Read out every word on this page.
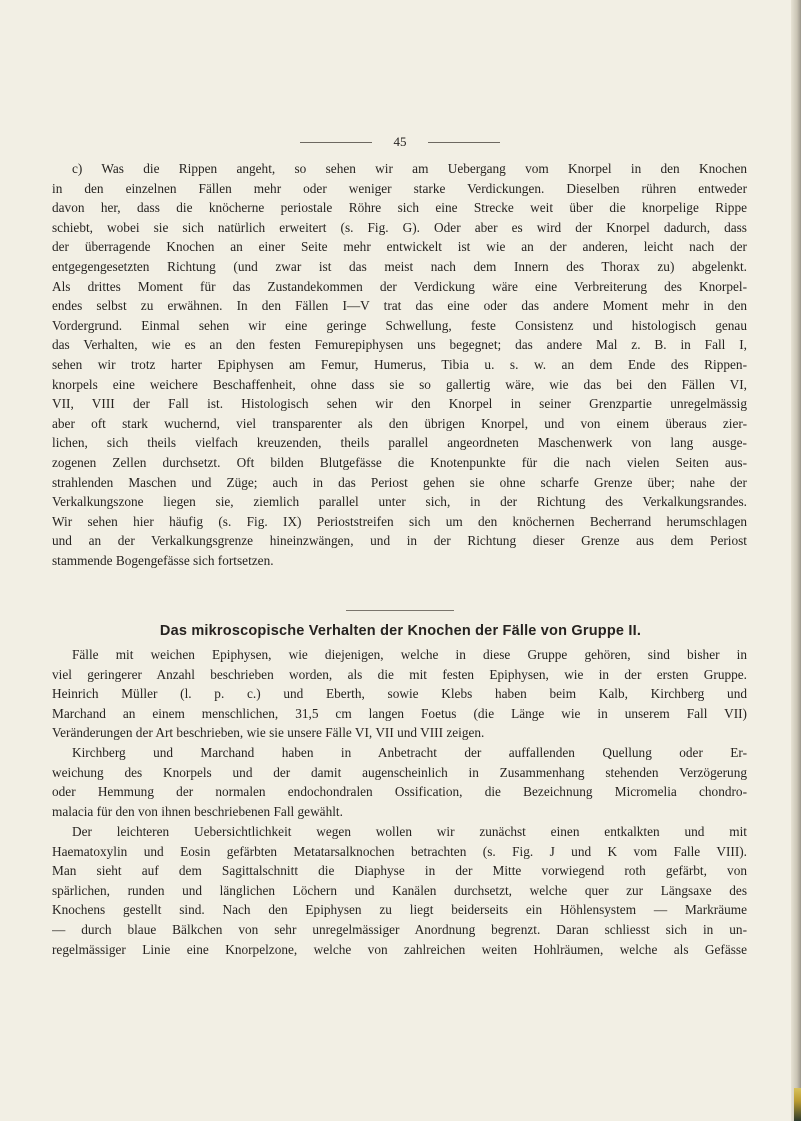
45
c) Was die Rippen angeht, so sehen wir am Uebergang vom Knorpel in den Knochen
in den einzelnen Fällen mehr oder weniger starke Verdickungen. Dieselben rühren entweder
davon her, dass die knöcherne periostale Röhre sich eine Strecke weit über die knorpelige Rippe
schiebt, wobei sie sich natürlich erweitert (s. Fig. G). Oder aber es wird der Knorpel dadurch, dass
der überragende Knochen an einer Seite mehr entwickelt ist wie an der anderen, leicht nach der
entgegengesetzten Richtung (und zwar ist das meist nach dem Innern des Thorax zu) abgelenkt.
Als drittes Moment für das Zustandekommen der Verdickung wäre eine Verbreiterung des Knorpel-
endes selbst zu erwähnen. In den Fällen I—V trat das eine oder das andere Moment mehr in den
Vordergrund. Einmal sehen wir eine geringe Schwellung, feste Consistenz und histologisch genau
das Verhalten, wie es an den festen Femurepiphysen uns begegnet; das andere Mal z. B. in Fall I,
sehen wir trotz harter Epiphysen am Femur, Humerus, Tibia u. s. w. an dem Ende des Rippen-
knorpels eine weichere Beschaffenheit, ohne dass sie so gallertig wäre, wie das bei den Fällen VI,
VII, VIII der Fall ist. Histologisch sehen wir den Knorpel in seiner Grenzpartie unregelmässig
aber oft stark wuchernd, viel transparenter als den übrigen Knorpel, und von einem überaus zier-
lichen, sich theils vielfach kreuzenden, theils parallel angeordneten Maschenwerk von lang ausge-
zogenen Zellen durchsetzt. Oft bilden Blutgefässe die Knotenpunkte für die nach vielen Seiten aus-
strahlenden Maschen und Züge; auch in das Periost gehen sie ohne scharfe Grenze über; nahe der
Verkalkungszone liegen sie, ziemlich parallel unter sich, in der Richtung des Verkalkungsrandes.
Wir sehen hier häufig (s. Fig. IX) Perioststreifen sich um den knöchernen Becherrand herumschlagen
und an der Verkalkungsgrenze hineinzwängen, und in der Richtung dieser Grenze aus dem Periost
stammende Bogengefässe sich fortsetzen.
Das mikroscopische Verhalten der Knochen der Fälle von Gruppe II.
Fälle mit weichen Epiphysen, wie diejenigen, welche in diese Gruppe gehören, sind bisher in
viel geringerer Anzahl beschrieben worden, als die mit festen Epiphysen, wie in der ersten Gruppe.
Heinrich Müller (l. p. c.) und Eberth, sowie Klebs haben beim Kalb, Kirchberg und
Marchand an einem menschlichen, 31,5 cm langen Foetus (die Länge wie in unserem Fall VII)
Veränderungen der Art beschrieben, wie sie unsere Fälle VI, VII und VIII zeigen.
Kirchberg und Marchand haben in Anbetracht der auffallenden Quellung oder Er-
weichung des Knorpels und der damit augenscheinlich in Zusammenhang stehenden Verzögerung
oder Hemmung der normalen endochondralen Ossification, die Bezeichnung Micromelia chondro-
malacia für den von ihnen beschriebenen Fall gewählt.
Der leichteren Uebersichtlichkeit wegen wollen wir zunächst einen entkalkten und mit
Haematoxylin und Eosin gefärbten Metatarsalknochen betrachten (s. Fig. J und K vom Falle VIII).
Man sieht auf dem Sagittalschnitt die Diaphyse in der Mitte vorwiegend roth gefärbt, von
spärlichen, runden und länglichen Löchern und Kanälen durchsetzt, welche quer zur Längsaxe des
Knochens gestellt sind. Nach den Epiphysen zu liegt beiderseits ein Höhlensystem — Markräume
— durch blaue Bälkchen von sehr unregelmässiger Anordnung begrenzt. Daran schliesst sich in un-
regelmässiger Linie eine Knorpelzone, welche von zahlreichen weiten Hohlräumen, welche als Gefässe
